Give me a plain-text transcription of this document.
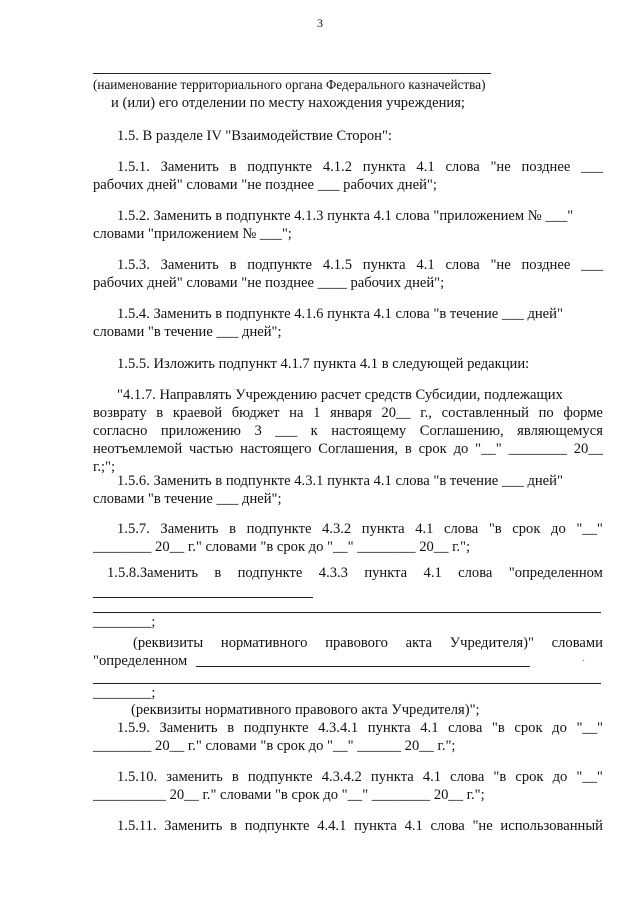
3
(наименование территориального органа Федерального казначейства)
и (или) его отделении по месту нахождения учреждения;
1.5. В разделе IV "Взаимодействие Сторон":
1.5.1. Заменить в подпункте 4.1.2 пункта 4.1 слова "не позднее ___
рабочих дней" словами "не позднее ___ рабочих дней";
1.5.2. Заменить в подпункте 4.1.3 пункта 4.1 слова "приложением № ___"
словами "приложением № ___";
1.5.3. Заменить в подпункте 4.1.5 пункта 4.1 слова "не позднее ___
рабочих дней" словами "не позднее ____ рабочих дней";
1.5.4. Заменить в подпункте 4.1.6 пункта 4.1 слова "в течение ___ дней"
словами "в течение ___ дней";
1.5.5. Изложить подпункт 4.1.7 пункта 4.1 в следующей редакции:
"4.1.7. Направлять Учреждению расчет средств Субсидии, подлежащих
возврату в краевой бюджет на 1 января 20__ г., составленный по форме
согласно приложению 3 ___ к настоящему Соглашению, являющемуся
неотъемлемой частью настоящего Соглашения, в срок до "__" ________ 20__
г.;";
1.5.6. Заменить в подпункте 4.3.1 пункта 4.1 слова "в течение ___ дней"
словами "в течение ___ дней";
1.5.7. Заменить в подпункте 4.3.2 пункта 4.1 слова "в срок до "__"
________ 20__ г." словами "в срок до "__" ________ 20__ г.";
1.5.8.Заменить в подпункте 4.3.3 пункта 4.1 слова "определенном
________;
(реквизиты нормативного правового акта Учредителя)" словами
"определенном	·
________;
(реквизиты нормативного правового акта Учредителя)";
1.5.9. Заменить в подпункте 4.3.4.1 пункта 4.1 слова "в срок до "__"
________ 20__ г." словами "в срок до "__" ______ 20__ г.";
1.5.10. заменить в подпункте 4.3.4.2 пункта 4.1 слова "в срок до "__"
__________ 20__ г." словами "в срок до "__" ________ 20__ г.";
1.5.11. Заменить в подпункте 4.4.1 пункта 4.1 слова "не использованный
